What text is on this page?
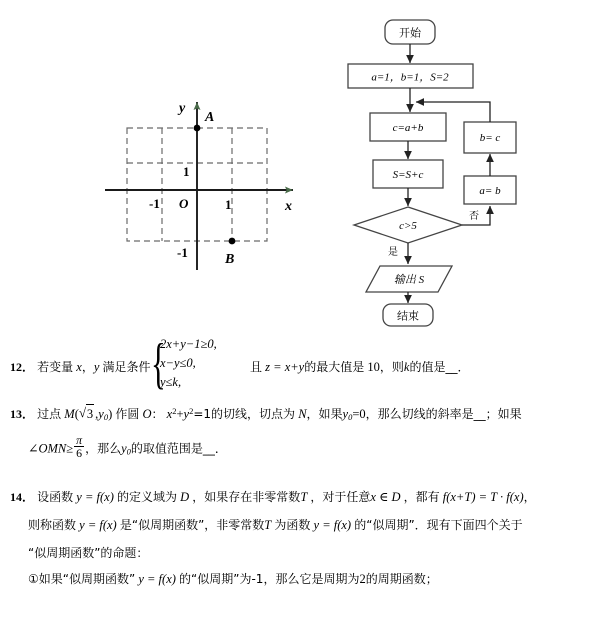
A
B
y
x
O
-1	1
1
-1
开始
a=1，b=1，S=2
c=a+b
S=S+c
c>5
是
输出 S
结束
否
a= b
b= c
12． 若变量 x，y 满足条件 {
2x+y−1≥0,
x−y≤0,
y≤k,
且 z = x+y的最大值是 10，则k的值是__．
13． 过点 M( √ 3 $,y_0$) 作圆 O： $x^2+y^2=1$的切线，切点为 N，如果$y_0=0$，那么切线的斜率是__；如果
∠OMN≥ $\frac{\pi}{6}$ ，那么$y_0$的取值范围是__．
14． 设函数 y = f(x) 的定义域为 D ，如果存在非零常数T ，对于任意x ∈ D ，都有 f(x+T) = T · f(x)，
则称函数 y = f(x) 是“似周期函数”，非零常数T 为函数 y = f(x) 的“似周期”．现有下面四个关于
“似周期函数”的命题：
①如果“似周期函数” y = f(x) 的“似周期”为-1，那么它是周期为2的周期函数；
